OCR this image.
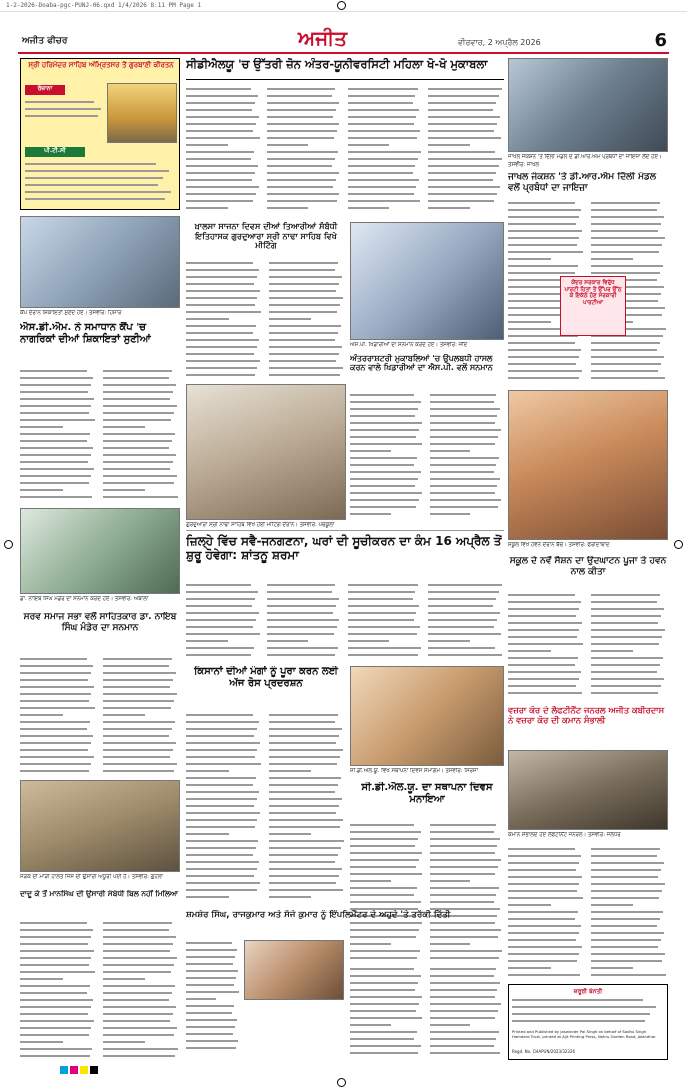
1-2-2026-Doaba-pgc-PUNJ-06.qxd 1/4/2026 8:11 PM Page 1
ਅਜੀਤ ਫੀਚਰ	ਅਜੀਤ	ਵੀਰਵਾਰ, 2 ਅਪ੍ਰੈਲ 2026	6
ਸ੍ਰੀ ਹਰਿਮੰਦਰ ਸਾਹਿਬ ਅੰਮ੍ਰਿਤਸਰ ਤੋਂ ਗੁਰਬਾਣੀ ਕੀਰਤਨ
ਰੋਜ਼ਾਨਾ
ਪੀ.ਟੀ.ਸੀ
ਸੀਡੀਐਲਯੂ 'ਚ ਉੱਤਰੀ ਜ਼ੋਨ ਅੰਤਰ-ਯੂਨੀਵਰਸਿਟੀ ਮਹਿਲਾ ਖੋ-ਖੋ ਮੁਕਾਬਲਾ
ਜਾਖਲ ਜੰਕਸ਼ਨ 'ਤੇ ਦਿੱਲੀ ਮੰਡਲ ਦੇ ਡੀ.ਆਰ.ਐਮ ਪ੍ਰਬੰਧਾਂ ਦਾ ਜਾਇਜ਼ਾ ਲੈਂਦੇ ਹੋਏ। ਤਸਵੀਰ: ਜਾਖਲ
ਜਾਖਲ ਜੰਕਸ਼ਨ 'ਤੇ ਡੀ.ਆਰ.ਐਮ ਦਿੱਲੀ ਮੰਡਲ ਵਲੋਂ ਪ੍ਰਬੰਧਾਂ ਦਾ ਜਾਇਜ਼ਾ
ਕੈਂਪ ਦੌਰਾਨ ਸ਼ਿਕਾਇਤਾਂ ਸੁਣਦੇ ਹੋਏ। ਤਸਵੀਰ: ਹਿਸਾਰ
ਐਸ.ਡੀ.ਐਮ. ਨੇ ਸਮਾਧਾਨ ਕੈਂਪ 'ਚ ਨਾਗਰਿਕਾਂ ਦੀਆਂ ਸ਼ਿਕਾਇਤਾਂ ਸੁਣੀਆਂ
ਖ਼ਾਲਸਾ ਸਾਜਨਾ ਦਿਵਸ ਦੀਆਂ ਤਿਆਰੀਆਂ ਸੰਬੰਧੀ ਇਤਿਹਾਸਕ ਗੁਰਦੁਆਰਾ ਸ੍ਰੀ ਨਾਢਾ ਸਾਹਿਬ ਵਿਖੇ ਮੀਟਿੰਗ
ਗੁਰਦੁਆਰਾ ਸ੍ਰੀ ਨਾਢਾ ਸਾਹਿਬ ਵਿਖੇ ਹੋਈ ਮੀਟਿੰਗ ਦੌਰਾਨ। ਤਸਵੀਰ: ਪੰਚਕੂਲਾ
ਐਸ.ਪੀ. ਖਿਡਾਰੀਆਂ ਦਾ ਸਨਮਾਨ ਕਰਦੇ ਹੋਏ। ਤਸਵੀਰ: ਜੀਂਦ
ਅੰਤਰਰਾਸ਼ਟਰੀ ਮੁਕਾਬਲਿਆਂ 'ਚ ਉਪਲਬਧੀ ਹਾਸਲ ਕਰਨ ਵਾਲੇ ਖਿਡਾਰੀਆਂ ਦਾ ਐਸ.ਪੀ. ਵਲੋਂ ਸਨਮਾਨ
ਕੇਂਦਰ ਸਰਕਾਰ ਵਿਰੁੱਧ ਪਾਰਟੀ ਹਿਤਾਂ ਤੋਂ ਉੱਪਰ ਉੱਠ ਕੇ ਇਕੱਠੇ ਹੋਣ ਸਰਕਾਰੀ ਪਾਰਟੀਆਂ
ਸਕੂਲ ਵਿਖੇ ਹਵਨ ਦੌਰਾਨ ਬੱਚੇ। ਤਸਵੀਰ: ਫਰੀਦਾਬਾਦ
ਸਕੂਲ ਦੇ ਨਵੇਂ ਸੈਸ਼ਨ ਦਾ ਉਦਘਾਟਨ ਪੂਜਾ ਤੇ ਹਵਨ ਨਾਲ ਕੀਤਾ
ਜ਼ਿਲ੍ਹੇ ਵਿੱਚ ਸਵੈ-ਜਨਗਣਨਾ, ਘਰਾਂ ਦੀ ਸੂਚੀਕਰਨ ਦਾ ਕੰਮ 16 ਅਪ੍ਰੈਲ ਤੋਂ ਸ਼ੁਰੂ ਹੋਵੇਗਾ: ਸ਼ਾਂਤਨੂ ਸ਼ਰਮਾ
ਡਾ. ਨਾਇਬ ਸਿੰਘ ਮੰਡੇਰ ਦਾ ਸਨਮਾਨ ਕਰਦੇ ਹੋਏ। ਤਸਵੀਰ: ਅੰਬਾਲਾ
ਸਰਵ ਸਮਾਜ ਸਭਾ ਵਲੋਂ ਸਾਹਿਤਕਾਰ ਡਾ. ਨਾਇਬ ਸਿੰਘ ਮੰਡੇਰ ਦਾ ਸਨਮਾਨ
ਸੜਕ ਦੀ ਮਾੜੀ ਹਾਲਤ ਜਿਸ ਦੀ ਉਸਾਰੀ ਅਧੂਰੀ ਪਈ ਹੈ। ਤਸਵੀਰ: ਗੁਹਲਾ
ਦਾਦੂ ਕੇ ਤੋਂ ਮਾਨਸਿੰਘ ਦੀ ਉਸਾਰੀ ਸੰਬੰਧੀ ਬਿਲ ਨਹੀਂ ਮਿਲਿਆ
ਕਿਸਾਨਾਂ ਦੀਆਂ ਮੰਗਾਂ ਨੂੰ ਪੂਰਾ ਕਰਨ ਲਈ ਅੱਜ ਰੋਸ ਪ੍ਰਦਰਸ਼ਨ
ਸੀ.ਡੀ.ਐਲ.ਯੂ. ਵਿਖੇ ਸਥਾਪਨਾ ਦਿਵਸ ਸਮਾਗਮ। ਤਸਵੀਰ: ਸਿਰਸਾ
ਸੀ.ਡੀ.ਐਲ.ਯੂ. ਦਾ ਸਥਾਪਨਾ ਦਿਵਸ ਮਨਾਇਆ
ਵਜ਼ਰਾ ਕੋਰ ਦੇ ਲੈਫਟੀਨੈਂਟ ਜਨਰਲ ਅਜੀਤ ਕਬੀਰਦਾਸ ਨੇ ਵਜ਼ਰਾ ਕੋਰ ਦੀ ਕਮਾਨ ਸੰਭਾਲੀ
ਕਮਾਨ ਸੰਭਾਲਦੇ ਹੋਏ ਲੈਫਟੀਨੈਂਟ ਜਨਰਲ। ਤਸਵੀਰ: ਜਲੰਧਰ
ਸ਼ਮਸ਼ੇਰ ਸਿੰਘ, ਰਾਜਕੁਮਾਰ ਅਤੇ ਸੰਜੇ ਕੁਮਾਰ ਨੂੰ ਇੰਪਲਿਮੈਂਟਰ ਦੇ ਅਹੁਦੇ 'ਤੇ ਤਰੱਕੀ ਦਿੱਤੀ
ਜ਼ਰੂਰੀ ਬੇਨਤੀ
Printed and Published by Jaswinder Pal Singh on behalf of Sadhu Singh Hamdard Trust, printed at Ajit Printing Press, Nehru Garden Road, Jalandhar
Regd. No. CHAPUN/2023/32326
